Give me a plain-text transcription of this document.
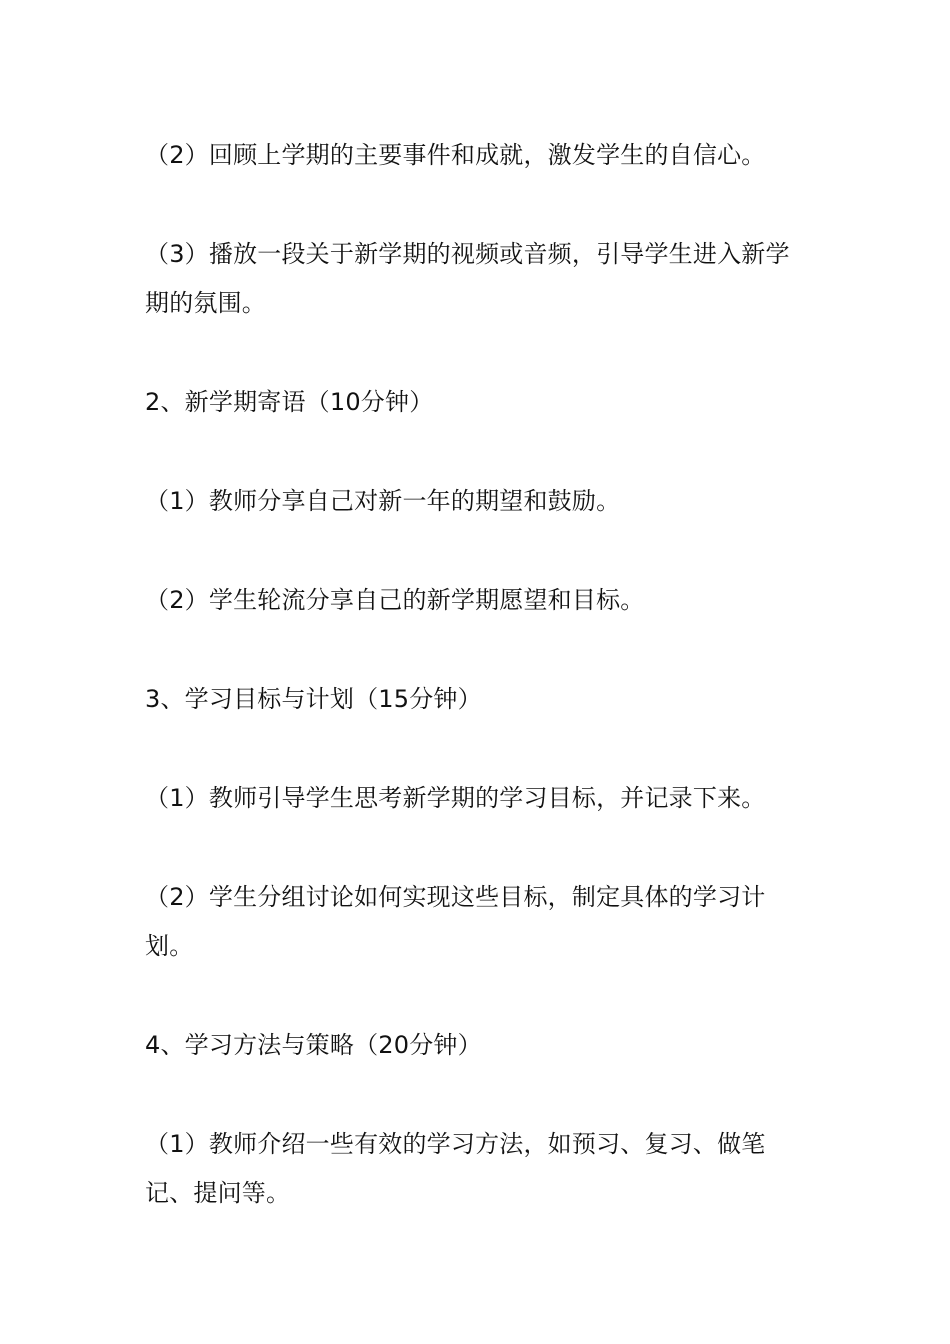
（2）回顾上学期的主要事件和成就，激发学生的自信心。

（3）播放一段关于新学期的视频或音频，引导学生进入新学期的氛围。

2、新学期寄语（10分钟）

（1）教师分享自己对新一年的期望和鼓励。

（2）学生轮流分享自己的新学期愿望和目标。

3、学习目标与计划（15分钟）

（1）教师引导学生思考新学期的学习目标，并记录下来。

（2）学生分组讨论如何实现这些目标，制定具体的学习计划。

4、学习方法与策略（20分钟）

（1）教师介绍一些有效的学习方法，如预习、复习、做笔记、提问等。
